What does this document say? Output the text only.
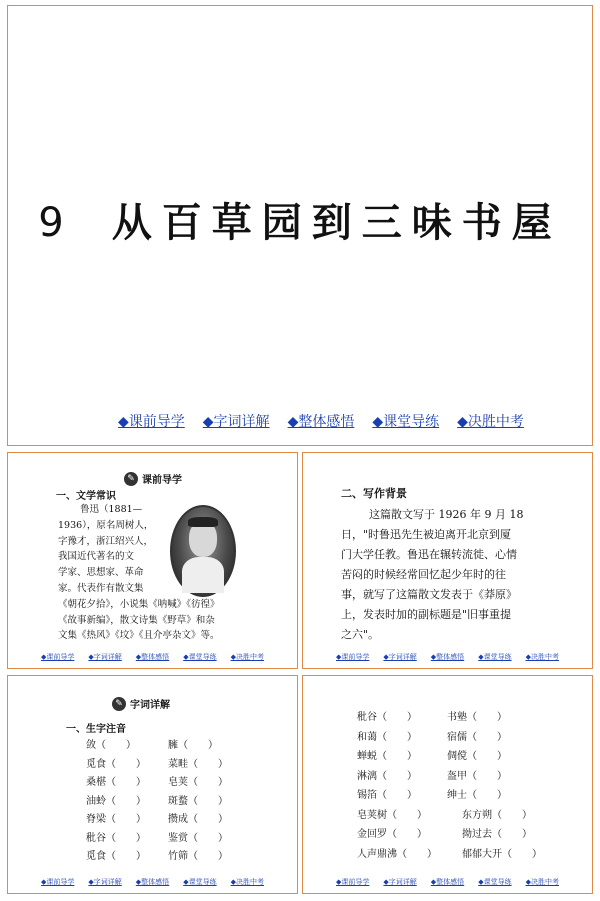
9 从百草园到三味书屋
◆课前导学 ◆字词详解 ◆整体感悟 ◆课堂导练 ◆决胜中考
✎ 课前导学
一、文学常识
鲁迅（1881—
1936），原名周树人，
字豫才，浙江绍兴人，
我国近代著名的文
学家、思想家、革命
家。代表作有散文集
《朝花夕拾》，小说集《呐喊》《彷徨》
《故事新编》，散文诗集《野草》和杂
文集《热风》《坟》《且介亭杂文》等。
◆课前导学 ◆字词详解 ◆整体感悟 ◆课堂导练 ◆决胜中考
二、写作背景
这篇散文写于 1926 年 9 月 18
日，"时鲁迅先生被迫离开北京到厦
门大学任教。鲁迅在辗转流徙、心情
苦闷的时候经常回忆起少年时的往
事，就写了这篇散文发表于《莽原》
上，发表时加的副标题是"旧事重提
之六"。
◆课前导学 ◆字词详解 ◆整体感悟 ◆课堂导练 ◆决胜中考
✎ 字词详解
一、生字注音
敛（　　）	臃（　　）
觅食（　　）	菜畦（　　）
桑椹（　　）	皂荚（　　）
油蛉（　　）	斑蝥（　　）
脊梁（　　）	攒成（　　）
秕谷（　　）	鉴赏（　　）
觅食（　　）	竹筛（　　）
◆课前导学 ◆字词详解 ◆整体感悟 ◆课堂导练 ◆决胜中考
秕谷（　　）	书塾（　　）
和蔼（　　）	宿儒（　　）
蝉蜕（　　）	倜傥（　　）
淋漓（　　）	盔甲（　　）
锡箔（　　）	绅士（　　）
皂荚树（　　）	东方朔（　　）
金回罗（　　）	拗过去（　　）
人声鼎沸（　　）	郁郁大开（　　）
◆课前导学 ◆字词详解 ◆整体感悟 ◆课堂导练 ◆决胜中考
